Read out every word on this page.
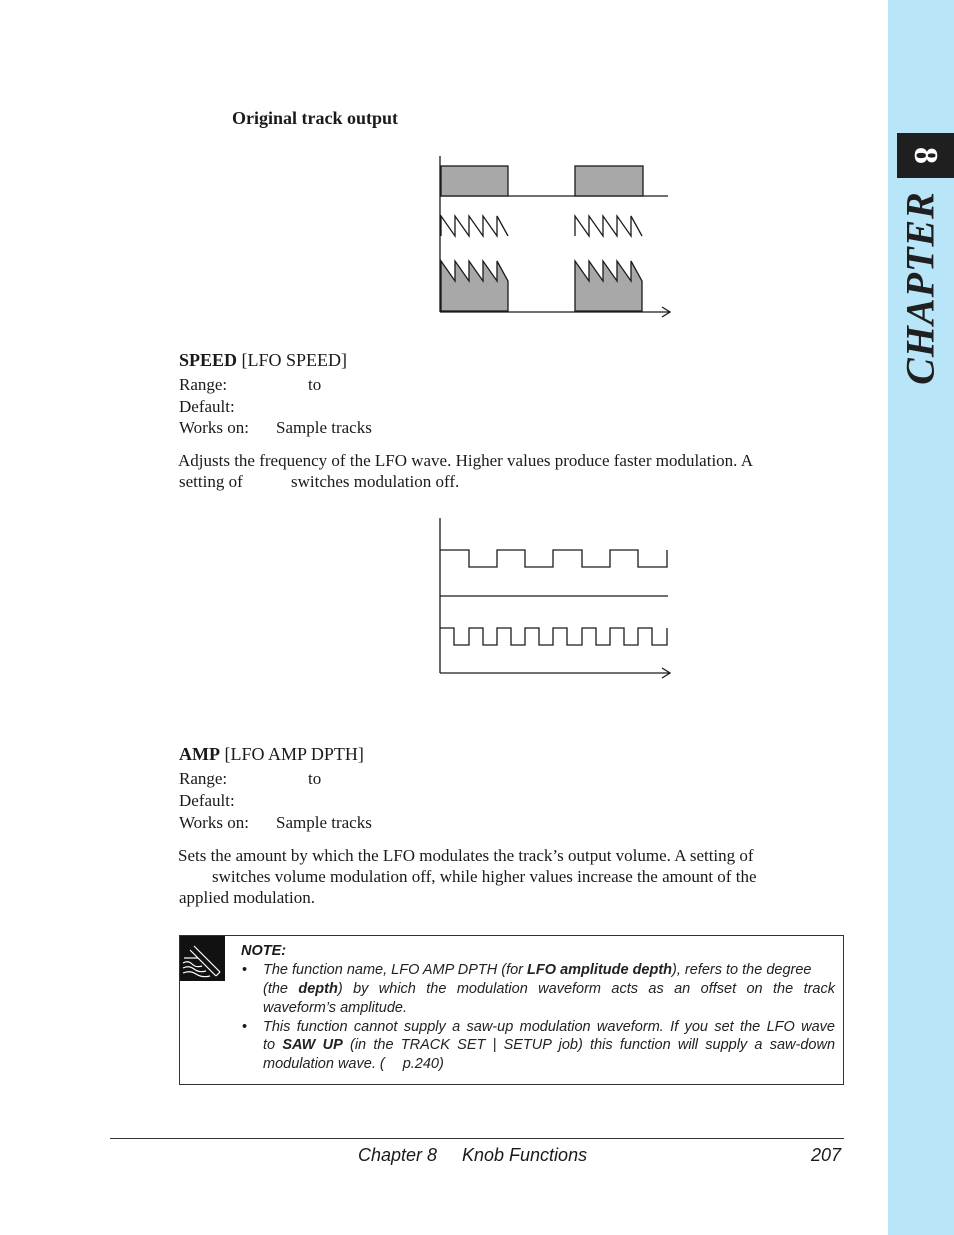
8
CHAPTER
Original track output
SPEED [LFO SPEED]
Range:	to
Default:
Works on: Sample tracks
Adjusts the frequency of the LFO wave. Higher values produce faster modulation. A
setting of	switches modulation off.
AMP [LFO AMP DPTH]
Range:	to
Default:
Works on: Sample tracks
Sets the amount by which the LFO modulates the track’s output volume. A setting of
switches volume modulation off, while higher values increase the amount of the
applied modulation.
NOTE:
• The function name, LFO AMP DPTH (for LFO amplitude depth), refers to the degree
(the depth) by which the modulation waveform acts as an offset on the track
waveform’s amplitude.
• This function cannot supply a saw-up modulation waveform. If you set the LFO wave
to SAW UP (in the TRACK SET | SETUP job) this function will supply a saw-down
modulation wave. ( p.240)
Chapter 8 Knob Functions	207
